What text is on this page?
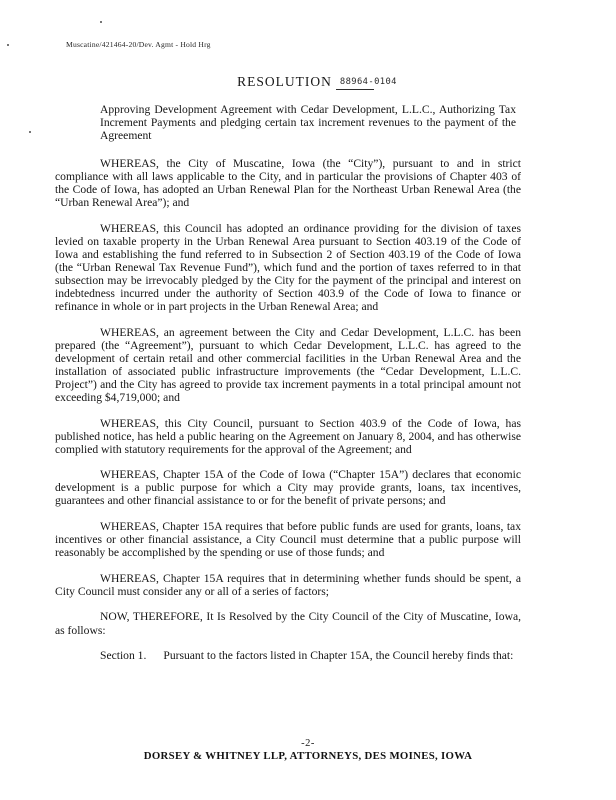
Muscatine/421464-20/Dev. Agmt - Hold Hrg
RESOLUTION 88964-0104
Approving Development Agreement with Cedar Development, L.L.C., Authorizing Tax Increment Payments and pledging certain tax increment revenues to the payment of the Agreement

WHEREAS, the City of Muscatine, Iowa (the “City”), pursuant to and in strict compliance with all laws applicable to the City, and in particular the provisions of Chapter 403 of the Code of Iowa, has adopted an Urban Renewal Plan for the Northeast Urban Renewal Area (the “Urban Renewal Area”); and

WHEREAS, this Council has adopted an ordinance providing for the division of taxes levied on taxable property in the Urban Renewal Area pursuant to Section 403.19 of the Code of Iowa and establishing the fund referred to in Subsection 2 of Section 403.19 of the Code of Iowa (the “Urban Renewal Tax Revenue Fund”), which fund and the portion of taxes referred to in that subsection may be irrevocably pledged by the City for the payment of the principal and interest on indebtedness incurred under the authority of Section 403.9 of the Code of Iowa to finance or refinance in whole or in part projects in the Urban Renewal Area; and

WHEREAS, an agreement between the City and Cedar Development, L.L.C. has been prepared (the “Agreement”), pursuant to which Cedar Development, L.L.C. has agreed to the development of certain retail and other commercial facilities in the Urban Renewal Area and the installation of associated public infrastructure improvements (the “Cedar Development, L.L.C. Project”) and the City has agreed to provide tax increment payments in a total principal amount not exceeding $4,719,000; and

WHEREAS, this City Council, pursuant to Section 403.9 of the Code of Iowa, has published notice, has held a public hearing on the Agreement on January 8, 2004, and has otherwise complied with statutory requirements for the approval of the Agreement; and

WHEREAS, Chapter 15A of the Code of Iowa (“Chapter 15A”) declares that economic development is a public purpose for which a City may provide grants, loans, tax incentives, guarantees and other financial assistance to or for the benefit of private persons; and

WHEREAS, Chapter 15A requires that before public funds are used for grants, loans, tax incentives or other financial assistance, a City Council must determine that a public purpose will reasonably be accomplished by the spending or use of those funds; and

WHEREAS, Chapter 15A requires that in determining whether funds should be spent, a City Council must consider any or all of a series of factors;

NOW, THEREFORE, It Is Resolved by the City Council of the City of Muscatine, Iowa, as follows:

Section 1. Pursuant to the factors listed in Chapter 15A, the Council hereby finds that:

-2-
DORSEY & WHITNEY LLP, ATTORNEYS, DES MOINES, IOWA
